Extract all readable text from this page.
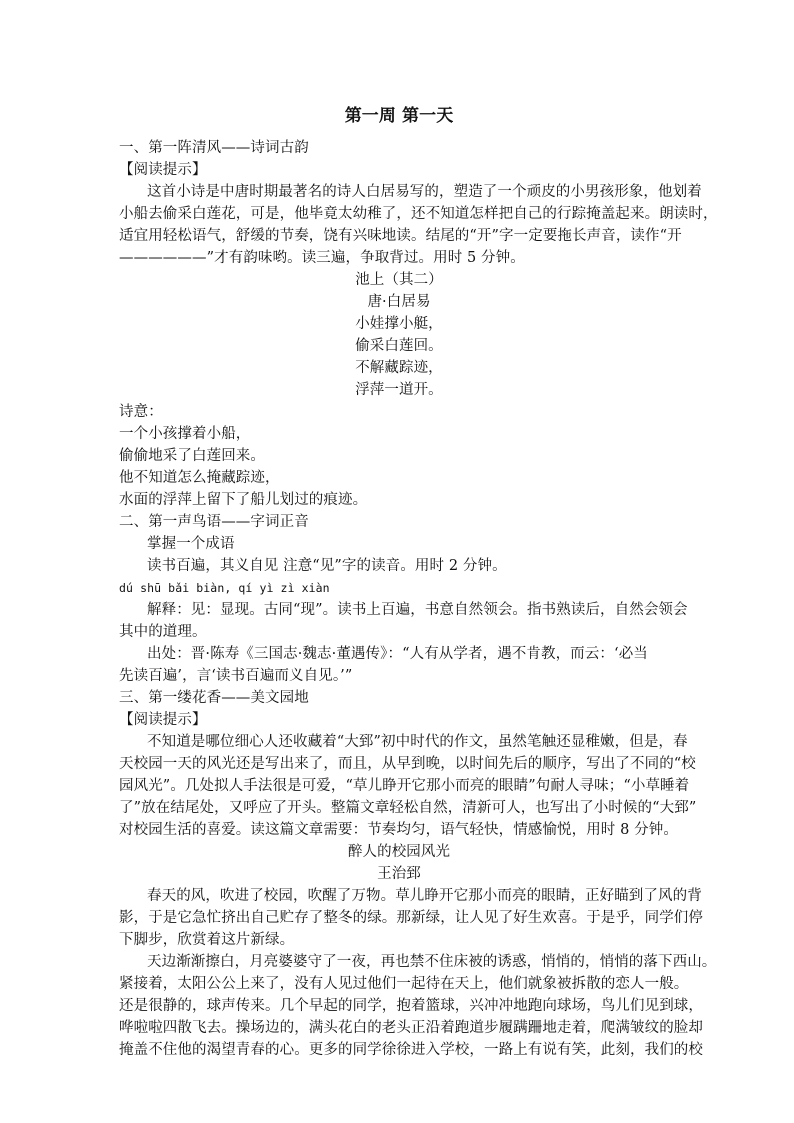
第一周 第一天
一、第一阵清风——诗词古韵
【阅读提示】
这首小诗是中唐时期最著名的诗人白居易写的，塑造了一个顽皮的小男孩形象，他划着
小船去偷采白莲花，可是，他毕竟太幼稚了，还不知道怎样把自己的行踪掩盖起来。朗读时，
适宜用轻松语气，舒缓的节奏，饶有兴味地读。结尾的“开”字一定要拖长声音，读作“开
——————”才有韵味哟。读三遍，争取背过。用时 5 分钟。
池上（其二）
唐·白居易
小娃撑小艇，
偷采白莲回。
不解藏踪迹，
浮萍一道开。
诗意：
一个小孩撑着小船，
偷偷地采了白莲回来。
他不知道怎么掩藏踪迹，
水面的浮萍上留下了船儿划过的痕迹。
二、第一声鸟语——字词正音
掌握一个成语
读书百遍，其义自见 注意“见”字的读音。用时 2 分钟。
dú shū bǎi biàn, qí yì zì xiàn
解释：见：显现。古同“现”。读书上百遍，书意自然领会。指书熟读后，自然会领会
其中的道理。
出处：晋·陈寿《三国志·魏志·董遇传》：“人有从学者，遇不肯教，而云：‘必当
先读百遍’，言‘读书百遍而义自见。’”
三、第一缕花香——美文园地
【阅读提示】
不知道是哪位细心人还收藏着“大郅”初中时代的作文，虽然笔触还显稚嫩，但是，春
天校园一天的风光还是写出来了，而且，从早到晚，以时间先后的顺序，写出了不同的“校
园风光”。几处拟人手法很是可爱，“草儿睁开它那小而亮的眼睛”句耐人寻味；“小草睡着
了”放在结尾处，又呼应了开头。整篇文章轻松自然，清新可人，也写出了小时候的“大郅”
对校园生活的喜爱。读这篇文章需要：节奏均匀，语气轻快，情感愉悦，用时 8 分钟。
醉人的校园风光
王治郅
春天的风，吹进了校园，吹醒了万物。草儿睁开它那小而亮的眼睛，正好瞄到了风的背
影，于是它急忙挤出自己贮存了整冬的绿。那新绿，让人见了好生欢喜。于是乎，同学们停
下脚步，欣赏着这片新绿。
天边渐渐擦白，月亮婆婆守了一夜，再也禁不住床被的诱惑，悄悄的，悄悄的落下西山。
紧接着，太阳公公上来了，没有人见过他们一起待在天上，他们就象被拆散的恋人一般。
还是很静的，球声传来。几个早起的同学，抱着篮球，兴冲冲地跑向球场，鸟儿们见到球，
哗啦啦四散飞去。操场边的，满头花白的老头正沿着跑道步履蹒跚地走着，爬满皱纹的脸却
掩盖不住他的渴望青春的心。更多的同学徐徐进入学校，一路上有说有笑，此刻，我们的校
